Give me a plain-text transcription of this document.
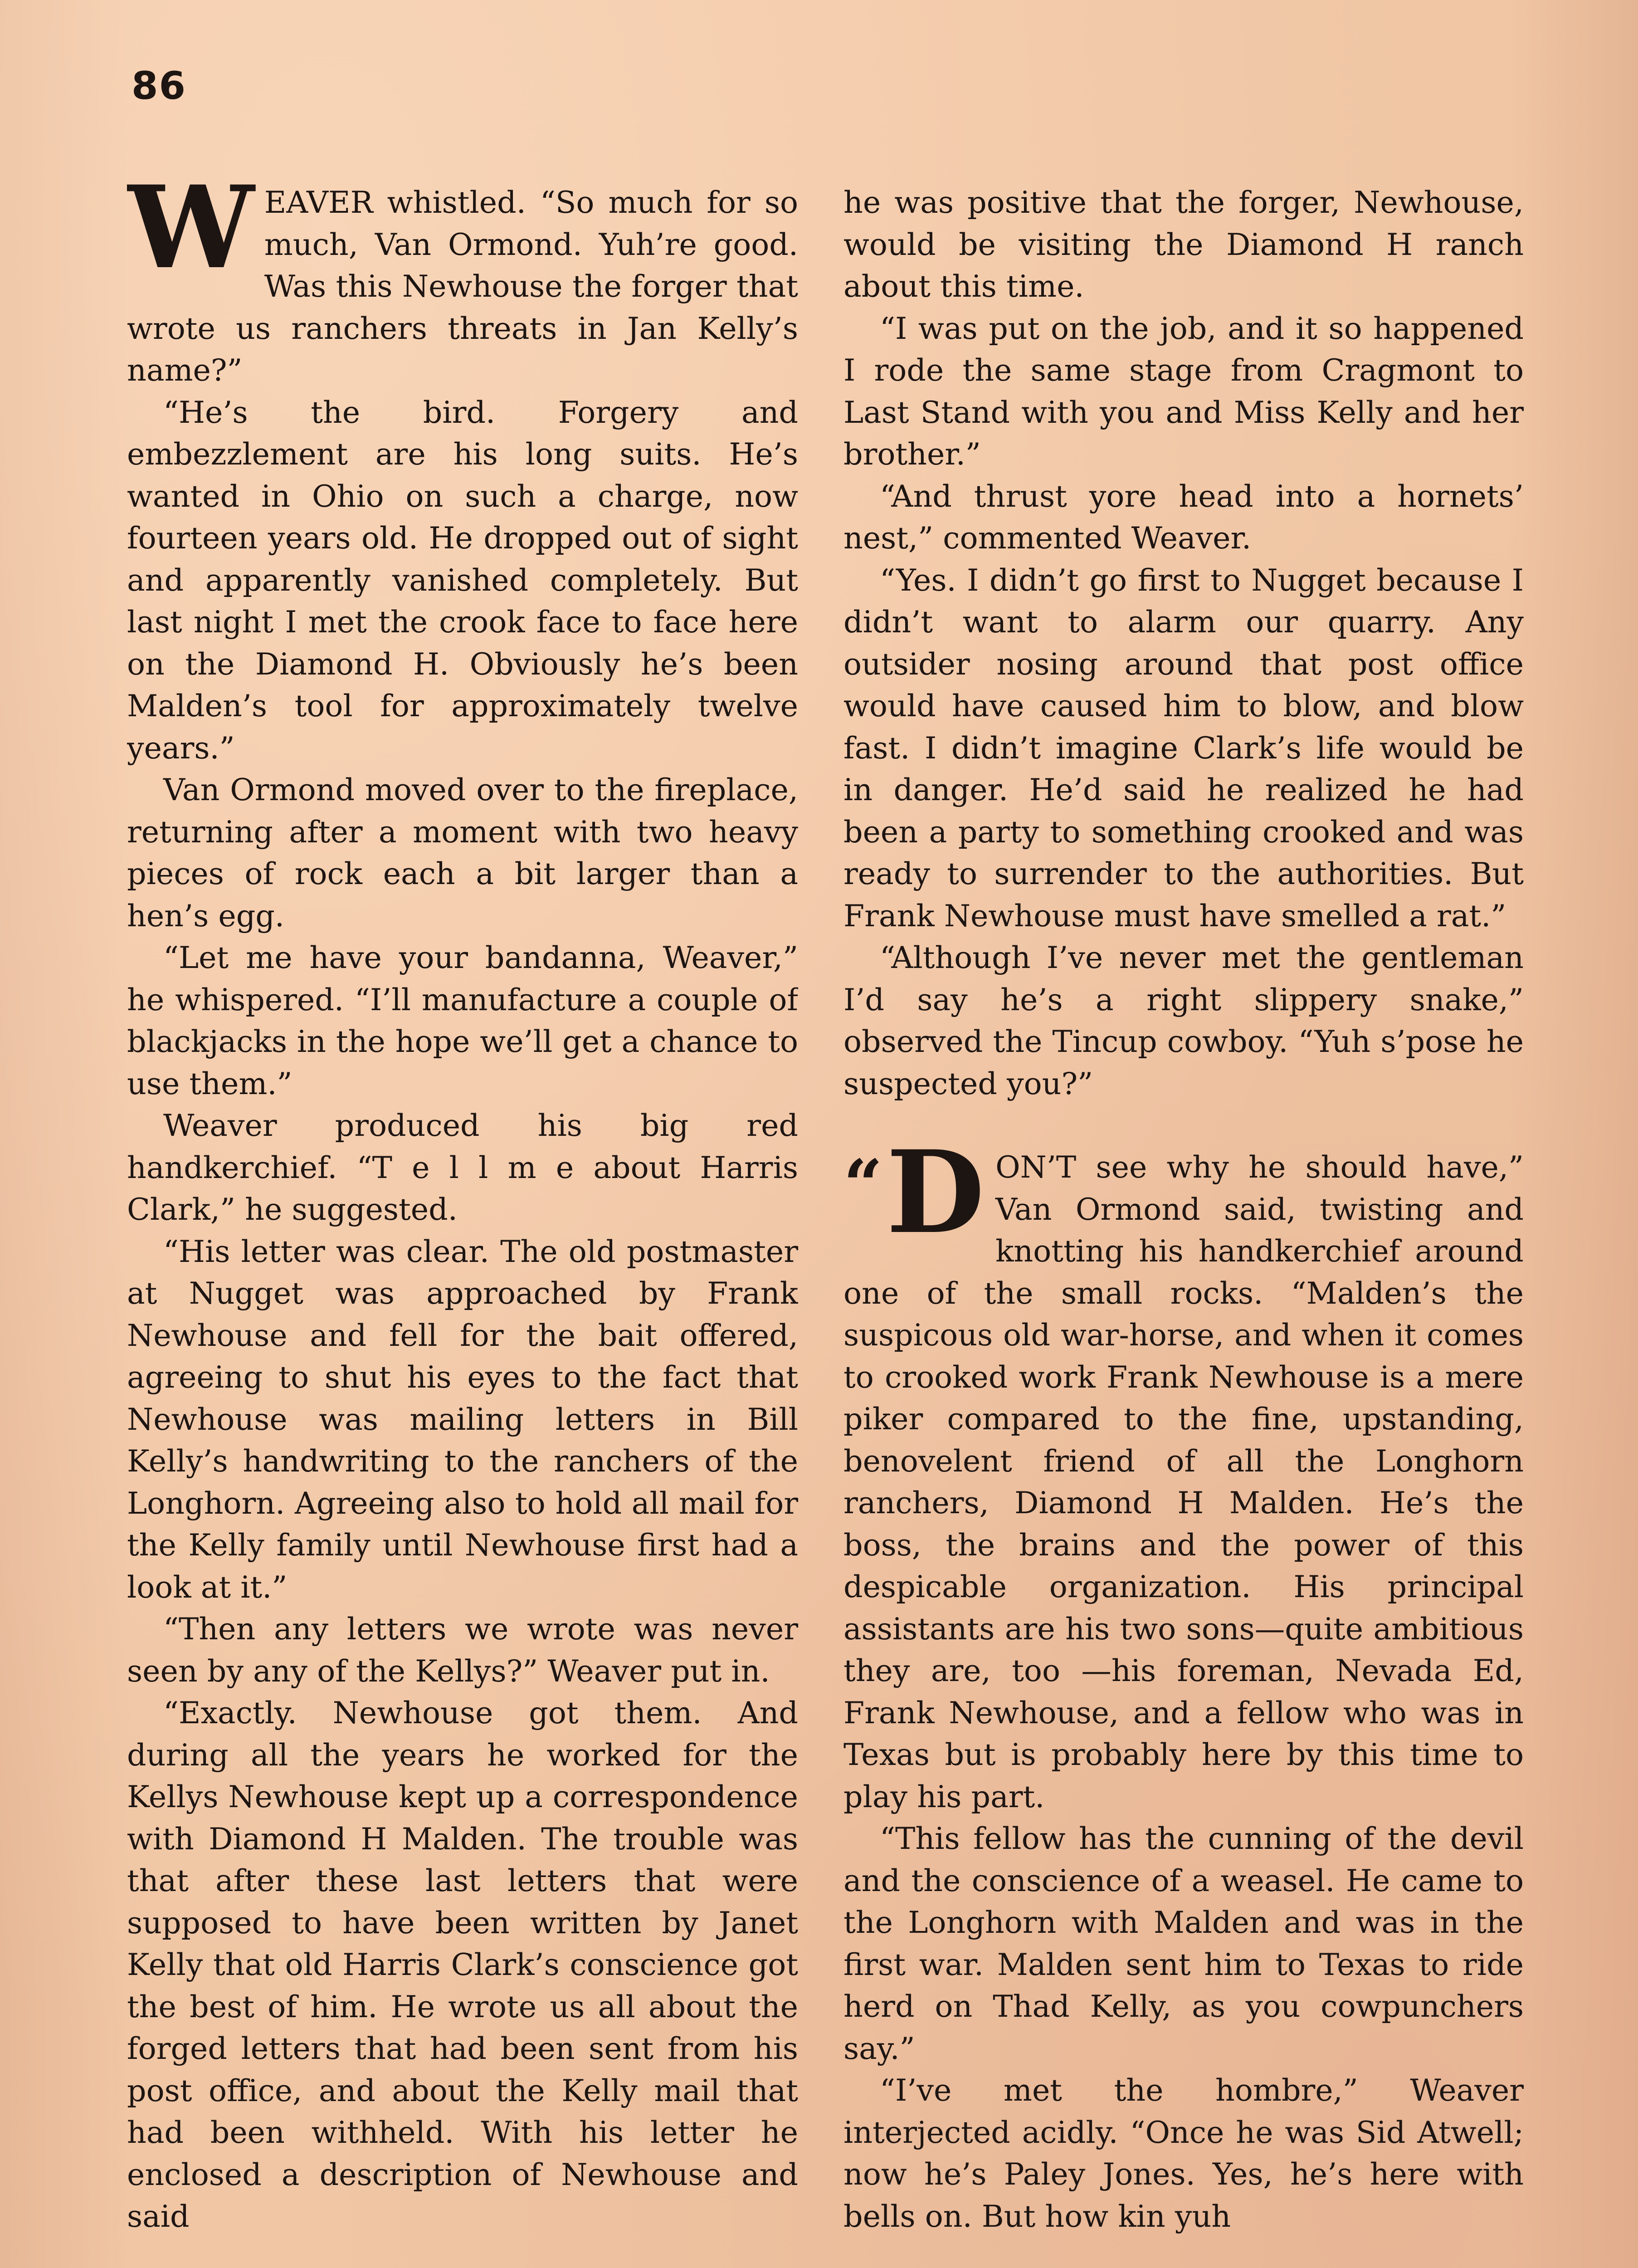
86

WEAVER whistled. “So much for so much, Van Ormond. Yuh’re good. Was this Newhouse the forger that wrote us ranchers threats in Jan Kelly’s name?”

“He’s the bird. Forgery and embezzlement are his long suits. He’s wanted in Ohio on such a charge, now fourteen years old. He dropped out of sight and apparently vanished completely. But last night I met the crook face to face here on the Diamond H. Obviously he’s been Malden’s tool for approximately twelve years.”

Van Ormond moved over to the fireplace, returning after a moment with two heavy pieces of rock each a bit larger than a hen’s egg.

“Let me have your bandanna, Weaver,” he whispered. “I’ll manufacture a couple of blackjacks in the hope we’ll get a chance to use them.”

Weaver produced his big red handkerchief. “T e l l m e about Harris Clark,” he suggested.

“His letter was clear. The old postmaster at Nugget was approached by Frank Newhouse and fell for the bait offered, agreeing to shut his eyes to the fact that Newhouse was mailing letters in Bill Kelly’s handwriting to the ranchers of the Longhorn. Agreeing also to hold all mail for the Kelly family until Newhouse first had a look at it.”

“Then any letters we wrote was never seen by any of the Kellys?” Weaver put in.

“Exactly. Newhouse got them. And during all the years he worked for the Kellys Newhouse kept up a correspondence with Diamond H Malden. The trouble was that after these last letters that were supposed to have been written by Janet Kelly that old Harris Clark’s conscience got the best of him. He wrote us all about the forged letters that had been sent from his post office, and about the Kelly mail that had been withheld. With his letter he enclosed a description of Newhouse and said

he was positive that the forger, Newhouse, would be visiting the Diamond H ranch about this time.

“I was put on the job, and it so happened I rode the same stage from Cragmont to Last Stand with you and Miss Kelly and her brother.”

“And thrust yore head into a hornets’ nest,” commented Weaver.

“Yes. I didn’t go first to Nugget because I didn’t want to alarm our quarry. Any outsider nosing around that post office would have caused him to blow, and blow fast. I didn’t imagine Clark’s life would be in danger. He’d said he realized he had been a party to something crooked and was ready to surrender to the authorities. But Frank Newhouse must have smelled a rat.”

“Although I’ve never met the gentleman I’d say he’s a right slippery snake,” observed the Tincup cowboy. “Yuh s’pose he suspected you?”

“ D ON’T see why he should have,” Van Ormond said, twisting and knotting his handkerchief around one of the small rocks. “Malden’s the suspicous old war-horse, and when it comes to crooked work Frank Newhouse is a mere piker compared to the fine, upstanding, benovelent friend of all the Longhorn ranchers, Diamond H Malden. He’s the boss, the brains and the power of this despicable organization. His principal assistants are his two sons—quite ambitious they are, too —his foreman, Nevada Ed, Frank Newhouse, and a fellow who was in Texas but is probably here by this time to play his part.

“This fellow has the cunning of the devil and the conscience of a weasel. He came to the Longhorn with Malden and was in the first war. Malden sent him to Texas to ride herd on Thad Kelly, as you cowpunchers say.”

“I’ve met the hombre,” Weaver interjected acidly. “Once he was Sid Atwell; now he’s Paley Jones. Yes, he’s here with bells on. But how kin yuh
